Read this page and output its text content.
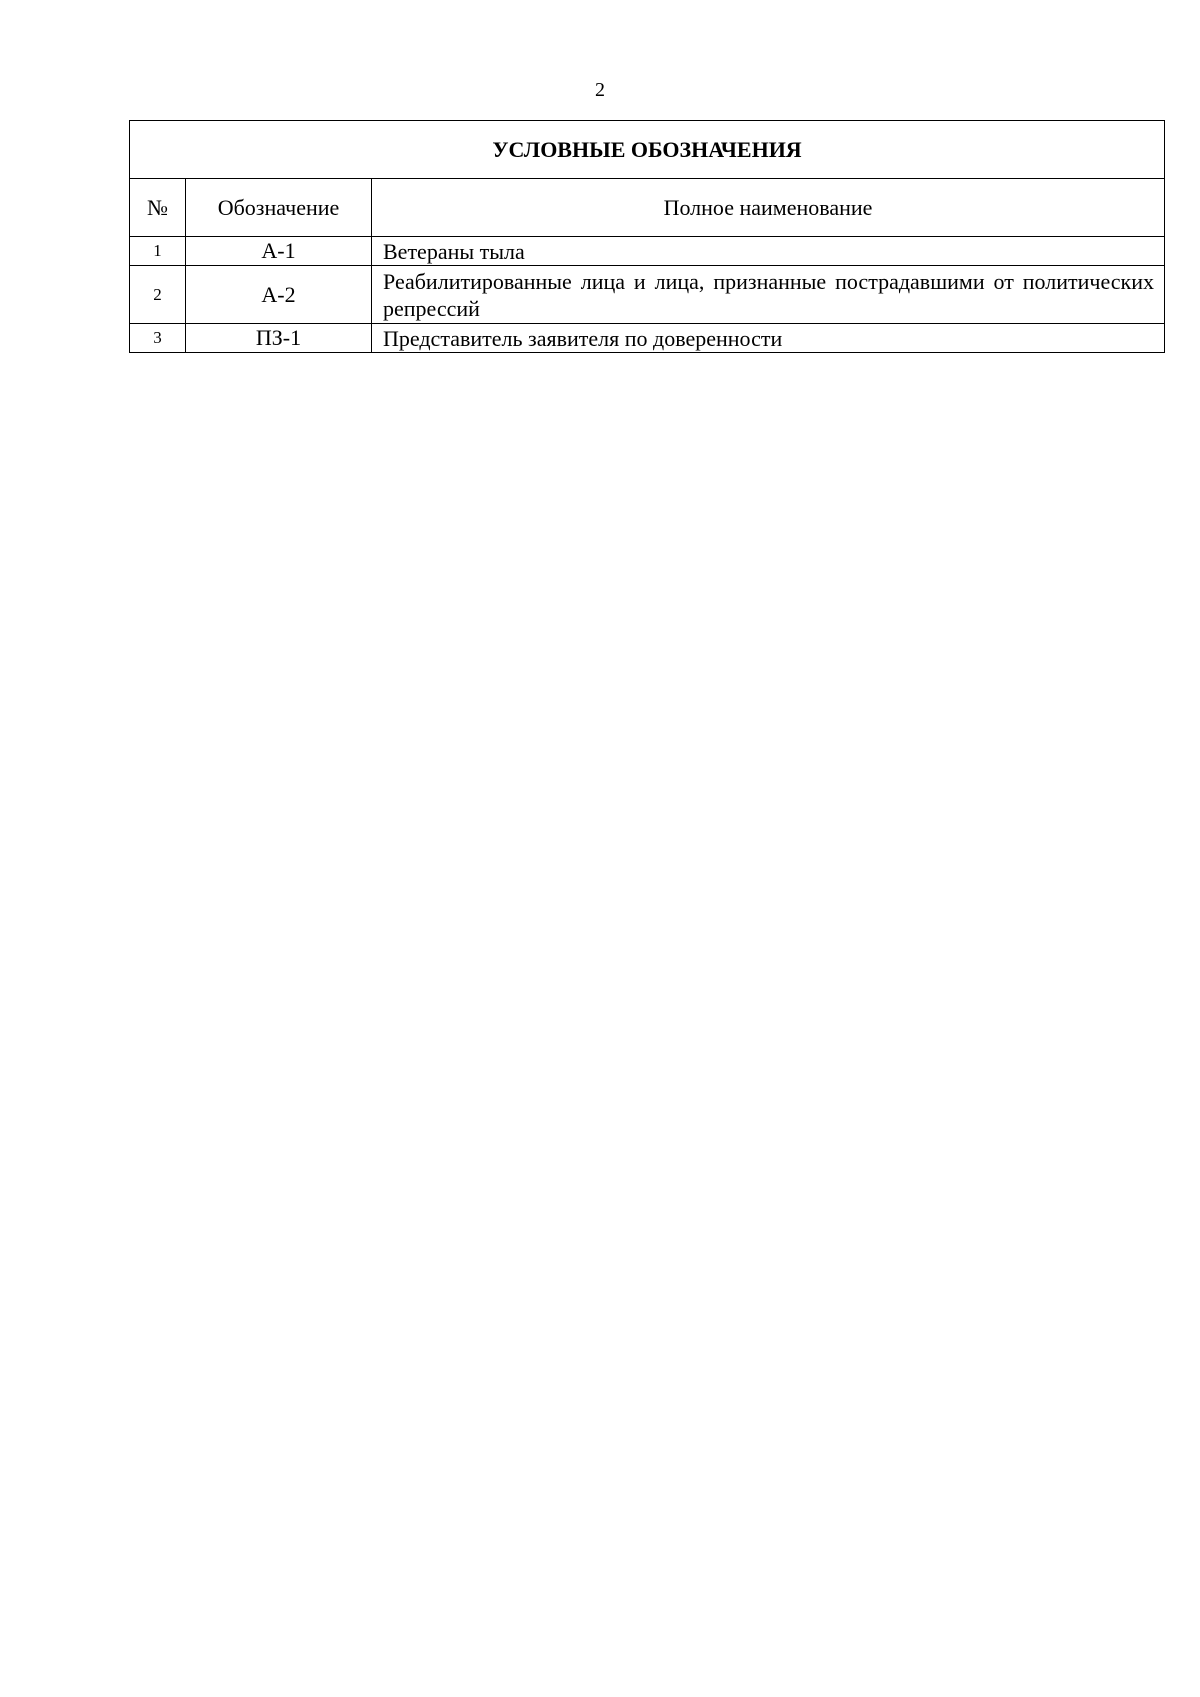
2
УСЛОВНЫЕ ОБОЗНАЧЕНИЯ		
№	Обозначение	Полное наименование
1	А-1	Ветераны тыла
2	А-2	Реабилитированные лица и лица, признанные пострадавшими от политических репрессий
3	ПЗ-1	Представитель заявителя по доверенности
